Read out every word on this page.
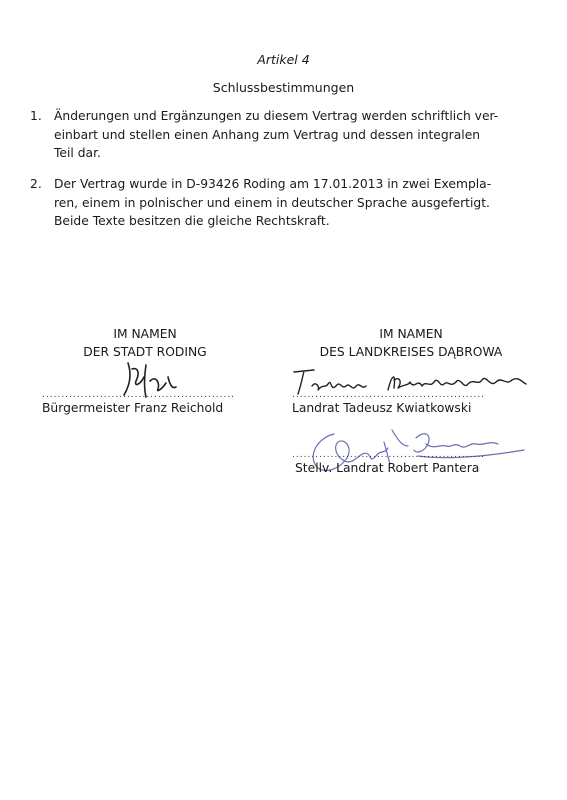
Artikel 4
Schlussbestimmungen
1. Änderungen und Ergänzungen zu diesem Vertrag werden schriftlich ver-
einbart und stellen einen Anhang zum Vertrag und dessen integralen
Teil dar.
2. Der Vertrag wurde in D-93426 Roding am 17.01.2013 in zwei Exempla-
ren, einem in polnischer und einem in deutscher Sprache ausgefertigt.
Beide Texte besitzen die gleiche Rechtskraft.
IM NAMEN
DER STADT RODING
..................................................
Bürgermeister Franz Reichold
IM NAMEN
DES LANDKREISES DĄBROWA
..................................................
Landrat Tadeusz Kwiatkowski
..................................................
Stellv. Landrat Robert Pantera
